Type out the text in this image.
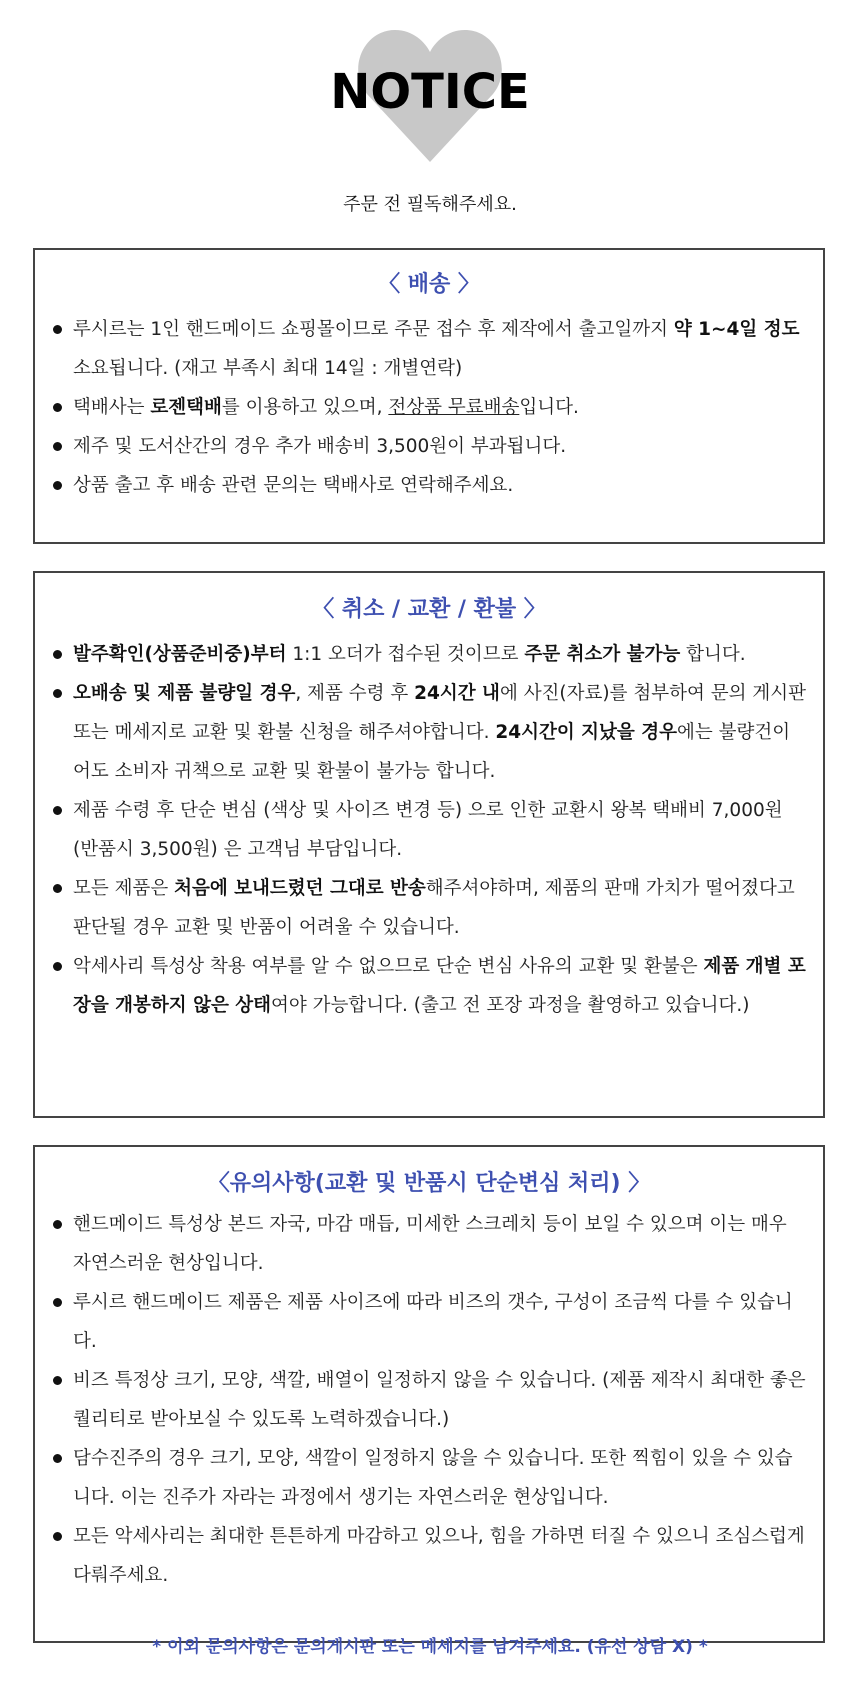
NOTICE
주문 전 필독해주세요.
〈 배송 〉
루시르는 1인 핸드메이드 쇼핑몰이므로 주문 접수 후 제작에서 출고일까지 약 1~4일 정도 소요됩니다. (재고 부족시 최대 14일 : 개별연락)
택배사는 로젠택배를 이용하고 있으며, 전상품 무료배송입니다.
제주 및 도서산간의 경우 추가 배송비 3,500원이 부과됩니다.
상품 출고 후 배송 관련 문의는 택배사로 연락해주세요.
〈 취소 / 교환 / 환불 〉
발주확인(상품준비중)부터 1:1 오더가 접수된 것이므로 주문 취소가 불가능 합니다.
오배송 및 제품 불량일 경우, 제품 수령 후 24시간 내에 사진(자료)를 첨부하여 문의 게시판 또는 메세지로 교환 및 환불 신청을 해주셔야합니다. 24시간이 지났을 경우에는 불량건이어도 소비자 귀책으로 교환 및 환불이 불가능 합니다.
제품 수령 후 단순 변심 (색상 및 사이즈 변경 등) 으로 인한 교환시 왕복 택배비 7,000원 (반품시 3,500원) 은 고객님 부담입니다.
모든 제품은 처음에 보내드렸던 그대로 반송해주셔야하며, 제품의 판매 가치가 떨어졌다고 판단될 경우 교환 및 반품이 어려울 수 있습니다.
악세사리 특성상 착용 여부를 알 수 없으므로 단순 변심 사유의 교환 및 환불은 제품 개별 포장을 개봉하지 않은 상태여야 가능합니다. (출고 전 포장 과정을 촬영하고 있습니다.)
〈유의사항(교환 및 반품시 단순변심 처리) 〉
핸드메이드 특성상 본드 자국, 마감 매듭, 미세한 스크레치 등이 보일 수 있으며 이는 매우 자연스러운 현상입니다.
루시르 핸드메이드 제품은 제품 사이즈에 따라 비즈의 갯수, 구성이 조금씩 다를 수 있습니다.
비즈 특정상 크기, 모양, 색깔, 배열이 일정하지 않을 수 있습니다. (제품 제작시 최대한 좋은 퀄리티로 받아보실 수 있도록 노력하겠습니다.)
담수진주의 경우 크기, 모양, 색깔이 일정하지 않을 수 있습니다. 또한 찍힘이 있을 수 있습니다. 이는 진주가 자라는 과정에서 생기는 자연스러운 현상입니다.
모든 악세사리는 최대한 튼튼하게 마감하고 있으나, 힘을 가하면 터질 수 있으니 조심스럽게 다뤄주세요.
* 이외 문의사항은 문의게시판 또는 메세지를 남겨주세요. (유선 상담 X) *
